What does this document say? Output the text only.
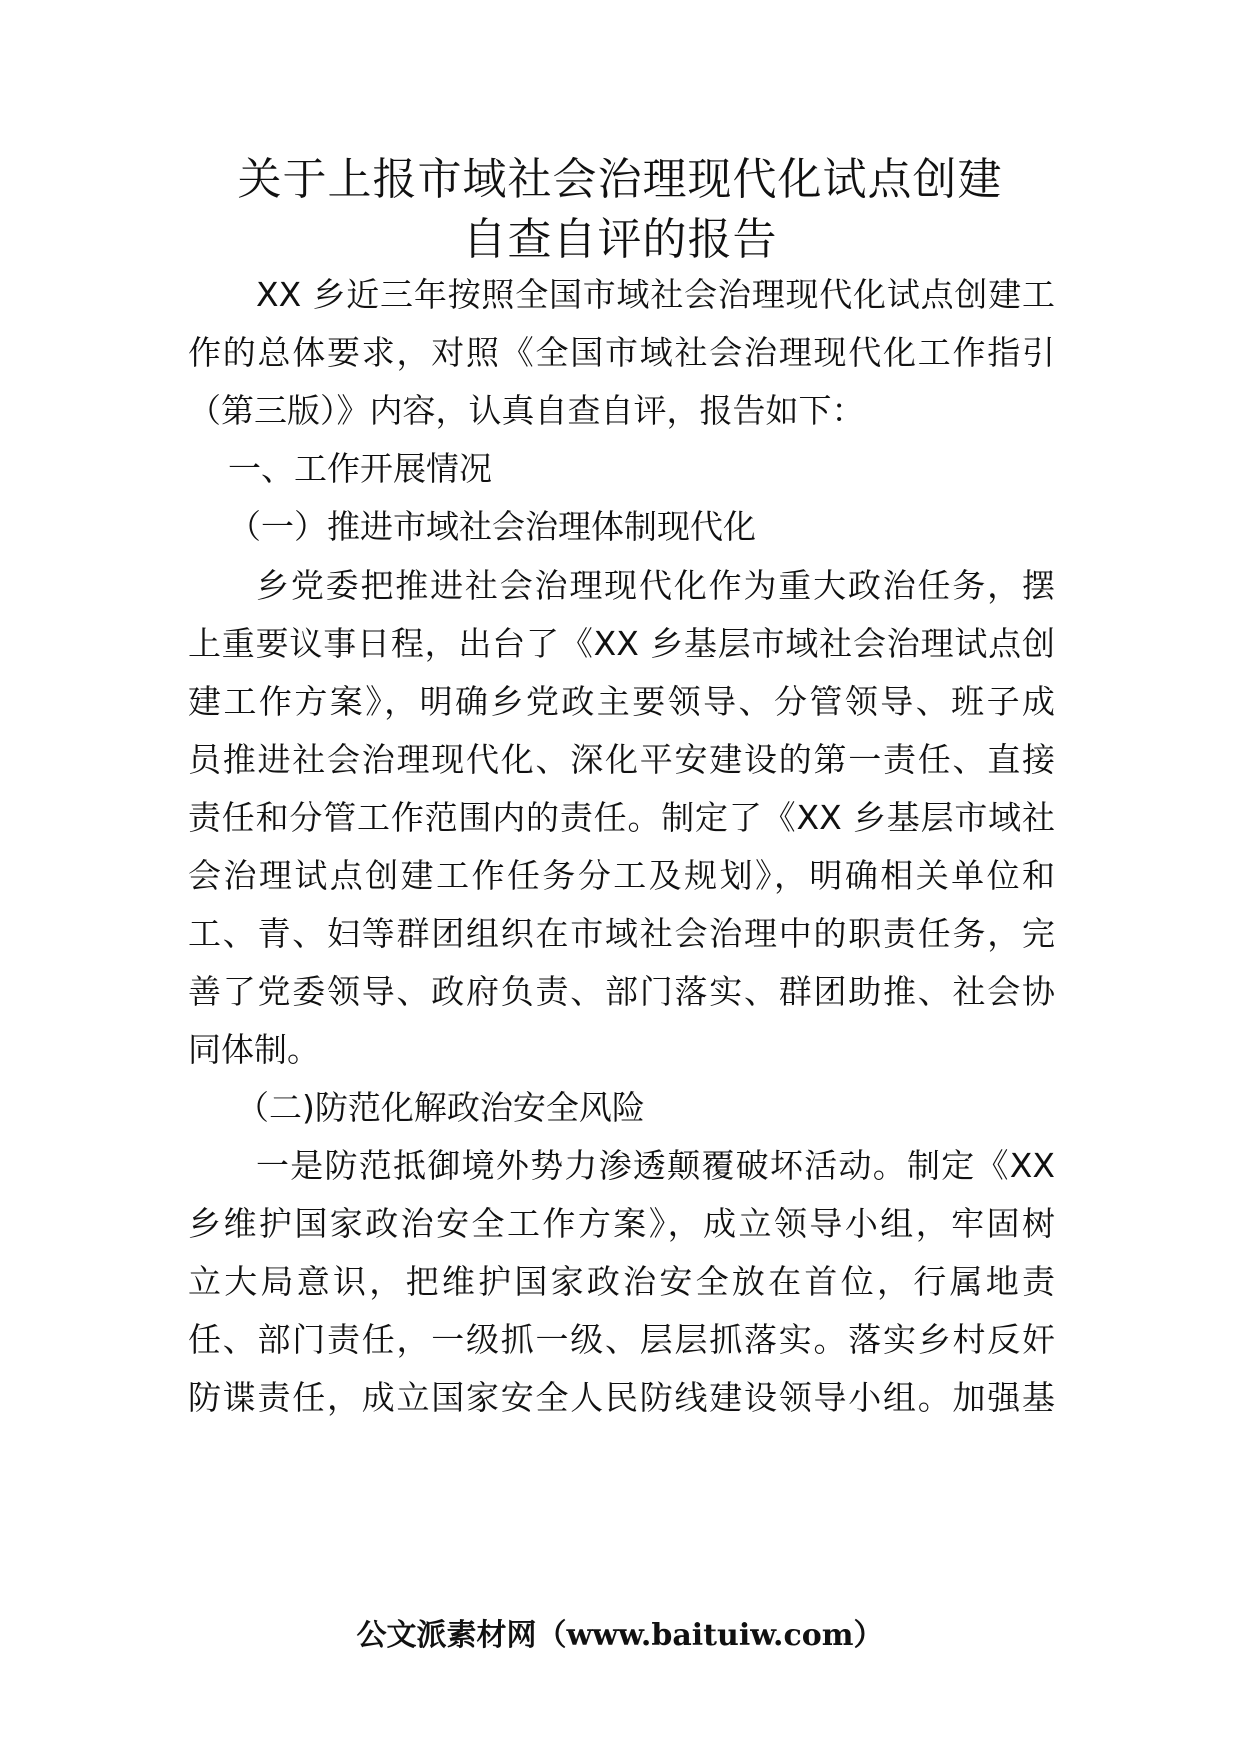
关于上报市域社会治理现代化试点创建
自查自评的报告
XX 乡近三年按照全国市域社会治理现代化试点创建工
作的总体要求，对照《全国市域社会治理现代化工作指引
（第三版）》内容，认真自查自评，报告如下：
一、工作开展情况
（一）推进市域社会治理体制现代化
乡党委把推进社会治理现代化作为重大政治任务，摆
上重要议事日程，出台了《XX 乡基层市域社会治理试点创
建工作方案》，明确乡党政主要领导、分管领导、班子成
员推进社会治理现代化、深化平安建设的第一责任、直接
责任和分管工作范围内的责任。制定了《XX 乡基层市域社
会治理试点创建工作任务分工及规划》，明确相关单位和
工、青、妇等群团组织在市域社会治理中的职责任务，完
善了党委领导、政府负责、部门落实、群团助推、社会协
同体制。
（二)防范化解政治安全风险
一是防范抵御境外势力渗透颠覆破坏活动。制定《XX
乡维护国家政治安全工作方案》，成立领导小组，牢固树
立大局意识，把维护国家政治安全放在首位，行属地责
任、部门责任，一级抓一级、层层抓落实。落实乡村反奸
防谍责任，成立国家安全人民防线建设领导小组。加强基
公文派素材网（www.baituiw.com）
